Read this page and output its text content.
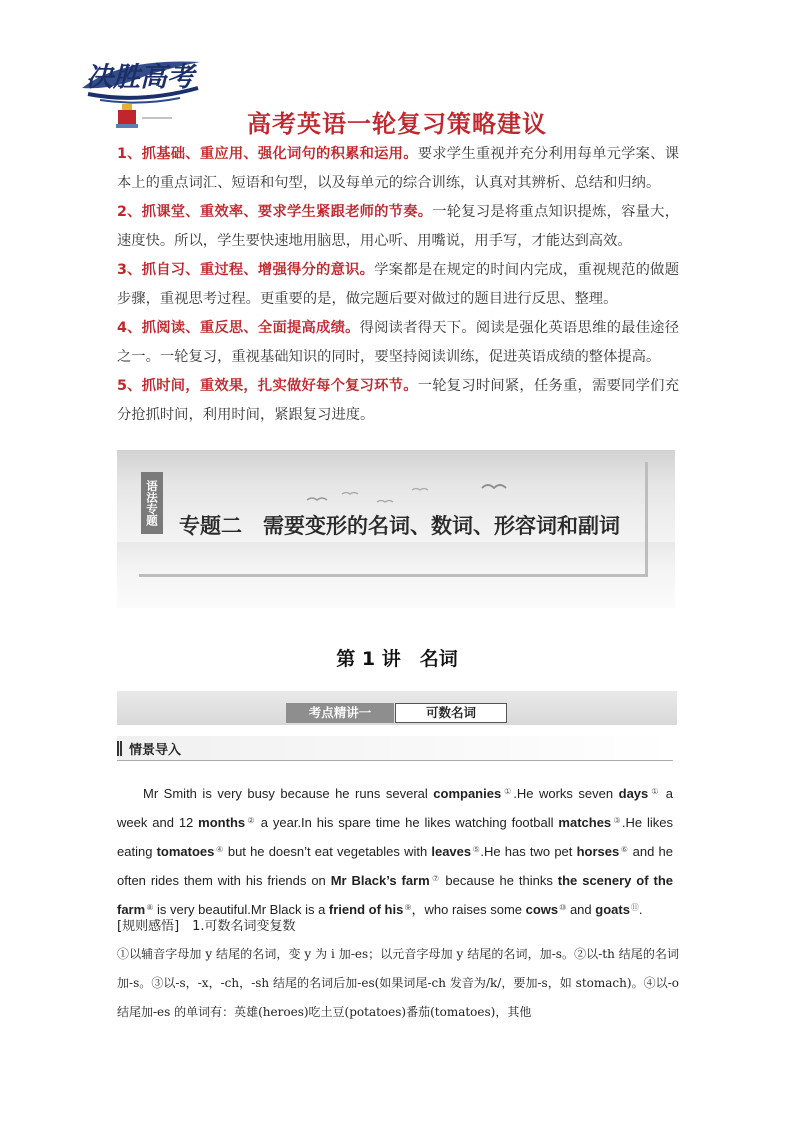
决胜高考
高考英语一轮复习策略建议

1、抓基础、重应用、强化词句的积累和运用。要求学生重视并充分利用每单元学案、课本上的重点词汇、短语和句型，以及每单元的综合训练，认真对其辨析、总结和归纳。

2、抓课堂、重效率、要求学生紧跟老师的节奏。一轮复习是将重点知识提炼，容量大，速度快。所以，学生要快速地用脑思，用心听、用嘴说，用手写，才能达到高效。

3、抓自习、重过程、增强得分的意识。学案都是在规定的时间内完成，重视规范的做题步骤，重视思考过程。更重要的是，做完题后要对做过的题目进行反思、整理。

4、抓阅读、重反思、全面提高成绩。得阅读者得天下。阅读是强化英语思维的最佳途径之一。一轮复习，重视基础知识的同时，要坚持阅读训练，促进英语成绩的整体提高。

5、抓时间，重效果，扎实做好每个复习环节。一轮复习时间紧，任务重，需要同学们充分抢抓时间，利用时间，紧跟复习进度。

语法专题 专题二　需要变形的名词、数词、形容词和副词
第 1 讲　名词
考点精讲一	可数名词
情景导入

  Mr Smith is very busy because he runs several companies①.He works seven days① a week and 12 months② a year.In his spare time he likes watching football matches③.He likes eating tomatoes④ but he doesn’t eat vegetables with leaves⑤.He has two pet horses⑥ and he often rides them with his friends on Mr Black’s farm⑦ because he thinks the scenery of the farm⑧ is very beautiful.Mr Black is a friend of his⑨，who raises some cows⑩ and goats⑪.

[规则感悟]　1.可数名词变复数
①以辅音字母加 y 结尾的名词，变 y 为 i 加-es；以元音字母加 y 结尾的名词，加-s。②以-th 结尾的名词加-s。③以-s，-x，-ch，-sh 结尾的名词后加-es(如果词尾-ch 发音为/k/，要加-s，如 stomach)。④以-o 结尾加-es 的单词有：英雄(heroes)吃土豆(potatoes)番茄(tomatoes)，其他
